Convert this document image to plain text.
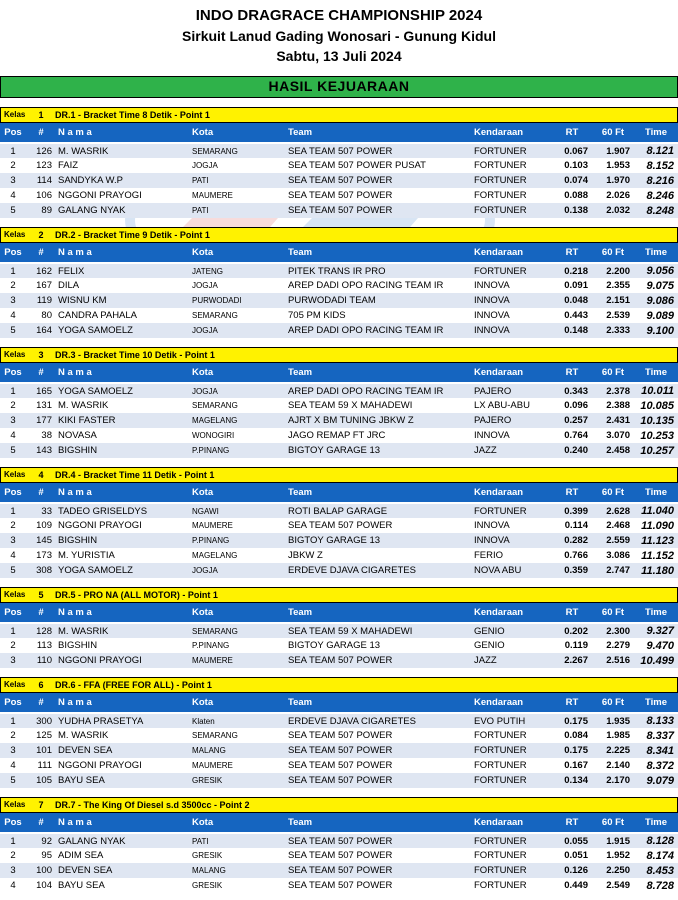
INDO DRAGRACE CHAMPIONSHIP 2024
Sirkuit Lanud Gading Wonosari - Gunung Kidul
Sabtu, 13 Juli 2024
HASIL KEJUARAAN
Kelas	1	DR.1 - Bracket Time 8 Detik - Point 1
Pos	#	N a m a	Kota	Team	Kendaraan	RT	60 Ft	Time
1	126	M. WASRIK	SEMARANG	SEA TEAM 507 POWER	FORTUNER	0.067	1.907	8.121
2	123	FAIZ	JOGJA	SEA TEAM 507 POWER PUSAT	FORTUNER	0.103	1.953	8.152
3	114	SANDYKA W.P	PATI	SEA TEAM 507 POWER	FORTUNER	0.074	1.970	8.216
4	106	NGGONI PRAYOGI	MAUMERE	SEA TEAM 507 POWER	FORTUNER	0.088	2.026	8.246
5	89	GALANG NYAK	PATI	SEA TEAM 507 POWER	FORTUNER	0.138	2.032	8.248
Kelas	2	DR.2 - Bracket Time 9 Detik - Point 1
Pos	#	N a m a	Kota	Team	Kendaraan	RT	60 Ft	Time
1	162	FELIX	JATENG	PITEK TRANS IR PRO	FORTUNER	0.218	2.200	9.056
2	167	DILA	JOGJA	AREP DADI OPO RACING TEAM IR	INNOVA	0.091	2.355	9.075
3	119	WISNU KM	PURWODADI	PURWODADI TEAM	INNOVA	0.048	2.151	9.086
4	80	CANDRA PAHALA	SEMARANG	705 PM KIDS	INNOVA	0.443	2.539	9.089
5	164	YOGA SAMOELZ	JOGJA	AREP DADI OPO RACING TEAM IR	INNOVA	0.148	2.333	9.100
Kelas	3	DR.3 - Bracket Time 10 Detik - Point 1
Pos	#	N a m a	Kota	Team	Kendaraan	RT	60 Ft	Time
1	165	YOGA SAMOELZ	JOGJA	AREP DADI OPO RACING TEAM IR	PAJERO	0.343	2.378	10.011
2	131	M. WASRIK	SEMARANG	SEA TEAM 59 X MAHADEWI	LX ABU-ABU	0.096	2.388	10.085
3	177	KIKI FASTER	MAGELANG	AJRT X BM TUNING JBKW Z	PAJERO	0.257	2.431	10.135
4	38	NOVASA	WONOGIRI	JAGO REMAP FT JRC	INNOVA	0.764	3.070	10.253
5	143	BIGSHIN	P.PINANG	BIGTOY GARAGE 13	JAZZ	0.240	2.458	10.257
Kelas	4	DR.4 - Bracket Time 11 Detik - Point 1
Pos	#	N a m a	Kota	Team	Kendaraan	RT	60 Ft	Time
1	33	TADEO GRISELDYS	NGAWI	ROTI BALAP GARAGE	FORTUNER	0.399	2.628	11.040
2	109	NGGONI PRAYOGI	MAUMERE	SEA TEAM 507 POWER	INNOVA	0.114	2.468	11.090
3	145	BIGSHIN	P.PINANG	BIGTOY GARAGE 13	INNOVA	0.282	2.559	11.123
4	173	M. YURISTIA	MAGELANG	JBKW Z	FERIO	0.766	3.086	11.152
5	308	YOGA SAMOELZ	JOGJA	ERDEVE DJAVA CIGARETES	NOVA ABU	0.359	2.747	11.180
Kelas	5	DR.5 - PRO NA (ALL MOTOR) - Point 1
Pos	#	N a m a	Kota	Team	Kendaraan	RT	60 Ft	Time
1	128	M. WASRIK	SEMARANG	SEA TEAM 59 X MAHADEWI	GENIO	0.202	2.300	9.327
2	113	BIGSHIN	P.PINANG	BIGTOY GARAGE 13	GENIO	0.119	2.279	9.470
3	110	NGGONI PRAYOGI	MAUMERE	SEA TEAM 507 POWER	JAZZ	2.267	2.516	10.499
Kelas	6	DR.6 - FFA (FREE FOR ALL) - Point 1
Pos	#	N a m a	Kota	Team	Kendaraan	RT	60 Ft	Time
1	300	YUDHA PRASETYA	Klaten	ERDEVE DJAVA CIGARETES	EVO PUTIH	0.175	1.935	8.133
2	125	M. WASRIK	SEMARANG	SEA TEAM 507 POWER	FORTUNER	0.084	1.985	8.337
3	101	DEVEN SEA	MALANG	SEA TEAM 507 POWER	FORTUNER	0.175	2.225	8.341
4	111	NGGONI PRAYOGI	MAUMERE	SEA TEAM 507 POWER	FORTUNER	0.167	2.140	8.372
5	105	BAYU SEA	GRESIK	SEA TEAM 507 POWER	FORTUNER	0.134	2.170	9.079
Kelas	7	DR.7 - The King Of Diesel s.d 3500cc - Point 2
Pos	#	N a m a	Kota	Team	Kendaraan	RT	60 Ft	Time
1	92	GALANG NYAK	PATI	SEA TEAM 507 POWER	FORTUNER	0.055	1.915	8.128
2	95	ADIM SEA	GRESIK	SEA TEAM 507 POWER	FORTUNER	0.051	1.952	8.174
3	100	DEVEN SEA	MALANG	SEA TEAM 507 POWER	FORTUNER	0.126	2.250	8.453
4	104	BAYU SEA	GRESIK	SEA TEAM 507 POWER	FORTUNER	0.449	2.549	8.728
